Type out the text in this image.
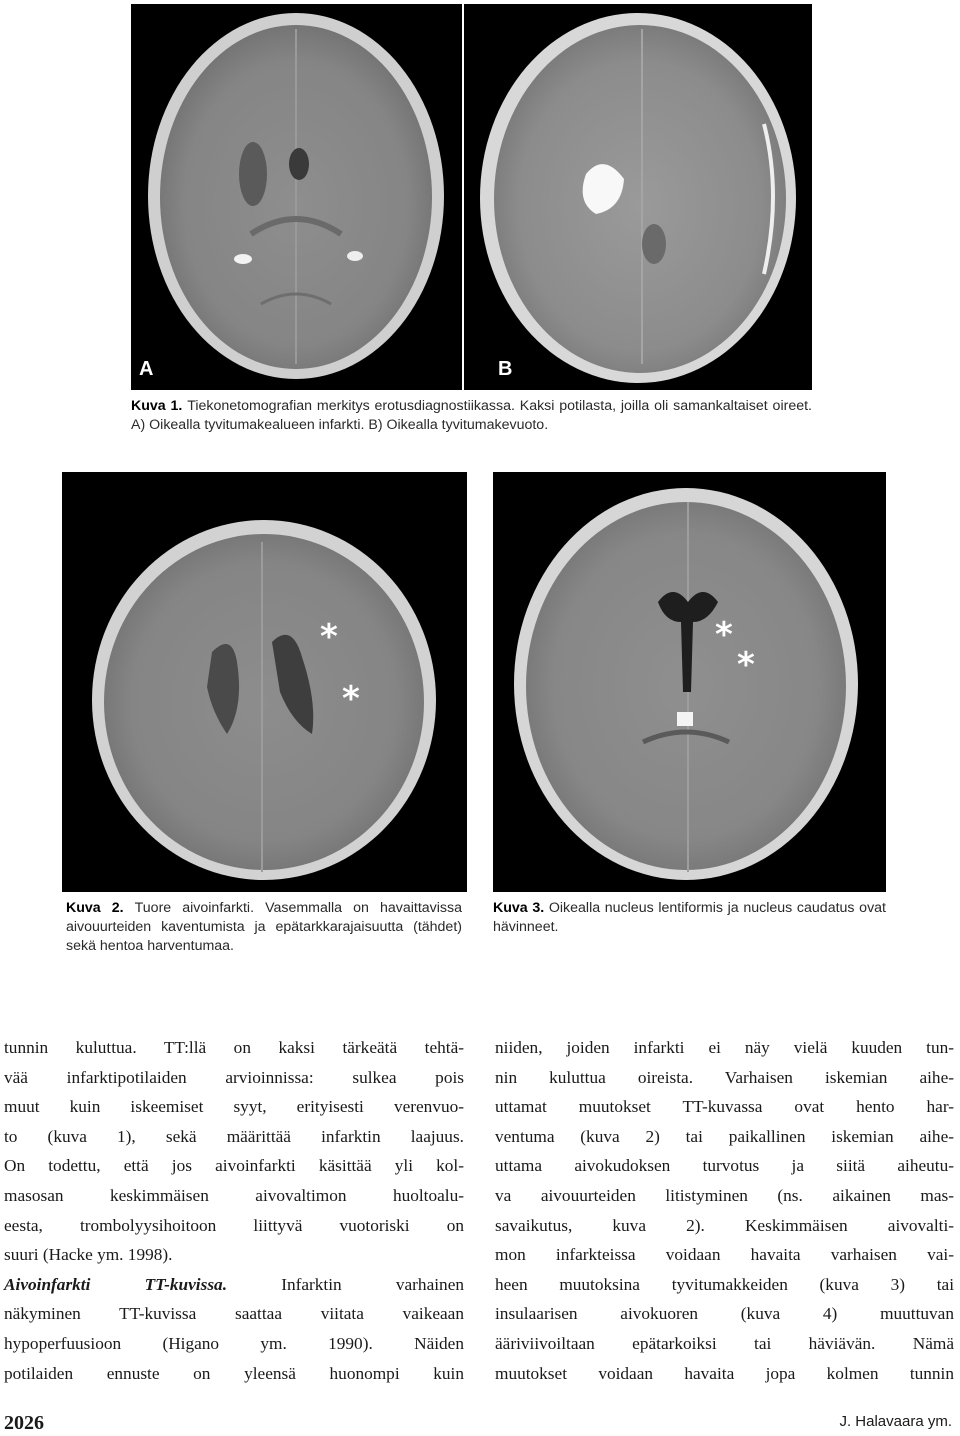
A	B
Kuva 1. Tiekonetomografian merkitys erotusdiagnostiikassa. Kaksi potilasta, joilla oli samankaltaiset oireet. A) Oikealla tyvitumakealueen infarkti. B) Oikealla tyvitumakevuoto.
*
*
Kuva 2. Tuore aivoinfarkti. Vasemmalla on havaittavissa aivouurteiden kaventumista ja epätarkkarajaisuutta (tähdet) sekä hentoa harventumaa.
*
*
Kuva 3. Oikealla nucleus lentiformis ja nucleus caudatus ovat hävinneet.

tunnin kuluttua. TT:llä on kaksi tärkeätä tehtä-

vää infarktipotilaiden arvioinnissa: sulkea pois

muut kuin iskeemiset syyt, erityisesti verenvuo-

to (kuva 1), sekä määrittää infarktin laajuus.

On todettu, että jos aivoinfarkti käsittää yli kol-

masosan keskimmäisen aivovaltimon huoltoalu-

eesta, trombolyysihoitoon liittyvä vuotoriski on

suuri (Hacke ym. 1998).

Aivoinfarkti TT-kuvissa. Infarktin varhainen

näkyminen TT-kuvissa saattaa viitata vaikeaan

hypoperfuusioon (Higano ym. 1990). Näiden

potilaiden ennuste on yleensä huonompi kuin

niiden, joiden infarkti ei näy vielä kuuden tun-

nin kuluttua oireista. Varhaisen iskemian aihe-

uttamat muutokset TT-kuvassa ovat hento har-

ventuma (kuva 2) tai paikallinen iskemian aihe-

uttama aivokudoksen turvotus ja siitä aiheutu-

va aivouurteiden litistyminen (ns. aikainen mas-

savaikutus, kuva 2). Keskimmäisen aivovalti-

mon infarkteissa voidaan havaita varhaisen vai-

heen muutoksina tyvitumakkeiden (kuva 3) tai

insulaarisen aivokuoren (kuva 4) muuttuvan

ääriviivoiltaan epätarkoiksi tai häviävän. Nämä

muutokset voidaan havaita jopa kolmen tunnin

2026	J. Halavaara ym.
